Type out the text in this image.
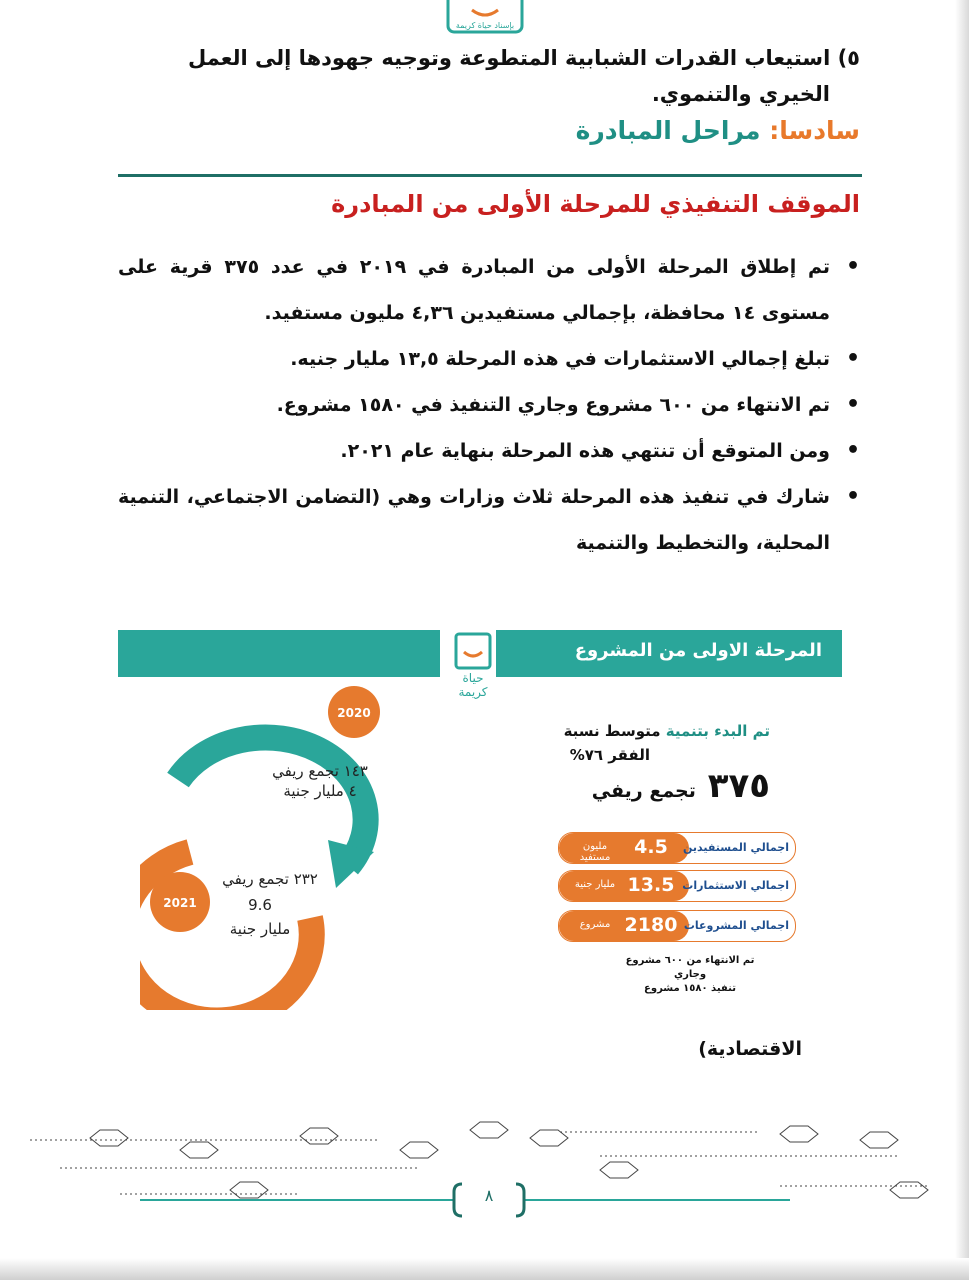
بإسناد حياة كريمة
٥) استيعاب القدرات الشبابية المتطوعة وتوجيه جهودها إلى العمل
الخيري والتنموي.
سادسا: مراحل المبادرة
الموقف التنفيذي للمرحلة الأولى من المبادرة
• تم إطلاق المرحلة الأولى من المبادرة في ٢٠١٩ في عدد ٣٧٥ قرية على مستوى ١٤ محافظة، بإجمالي مستفيدين ٤,٣٦ مليون مستفيد.
• تبلغ إجمالي الاستثمارات في هذه المرحلة ١٣,٥ مليار جنيه.
• تم الانتهاء من ٦٠٠ مشروع وجاري التنفيذ في ١٥٨٠ مشروع.
• ومن المتوقع أن تنتهي هذه المرحلة بنهاية عام ٢٠٢١.
• شارك في تنفيذ هذه المرحلة ثلاث وزارات وهي (التضامن الاجتماعي، التنمية المحلية، والتخطيط والتنمية
حياة
كريمة
المرحلة الاولى من المشروع
2020
2021
١٤٣ تجمع ريفي
٤ مليار جنية
٢٣٢ تجمع ريفي
9.6
مليار جنية
تم البدء بتنمية متوسط نسبة
الفقر ٧٦%
٣٧٥ تجمع ريفي
4.5
مليون مستفيد
اجمالي المستفيدين
13.5
مليار جنية	اجمالي الاستثمارات
2180
مشروع	اجمالي المشروعات
تم الانتهاء من ٦٠٠ مشروع وجاري
تنفيذ ١٥٨٠ مشروع
الاقتصادية)
٨
